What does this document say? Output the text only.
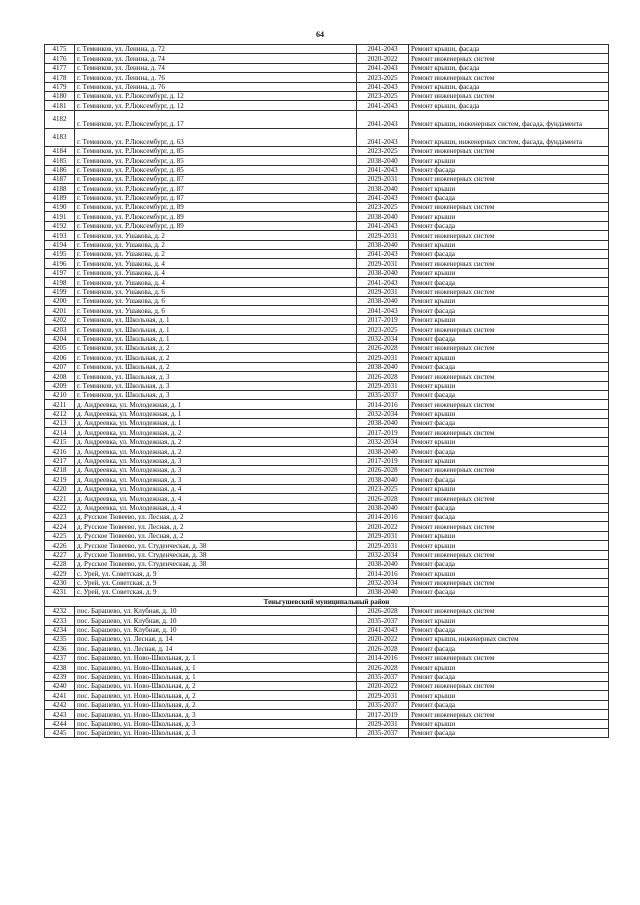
64
4175	г. Темников, ул. Ленина, д. 72	2041-2043	Ремонт крыши, фасада
4176	г. Темников, ул. Ленина, д. 74	2020-2022	Ремонт инженерных систем
4177	г. Темников, ул. Ленина, д. 74	2041-2043	Ремонт крыши, фасада
4178	г. Темников, ул. Ленина, д. 76	2023-2025	Ремонт инженерных систем
4179	г. Темников, ул. Ленина, д. 76	2041-2043	Ремонт крыши, фасада
4180	г. Темников, ул. Р.Люксембург, д. 12	2023-2025	Ремонт инженерных систем
4181	г. Темников, ул. Р.Люксембург, д. 12	2041-2043	Ремонт крыши, фасада
4182	г. Темников, ул. Р.Люксембург, д. 17	2041-2043	Ремонт крыши, инженерных систем, фасада, фундамента
4183	г. Темников, ул. Р.Люксембург, д. 63	2041-2043	Ремонт крыши, инженерных систем, фасада, фундамента
4184	г. Темников, ул. Р.Люксембург, д. 85	2023-2025	Ремонт инженерных систем
4185	г. Темников, ул. Р.Люксембург, д. 85	2038-2040	Ремонт крыши
4186	г. Темников, ул. Р.Люксембург, д. 85	2041-2043	Ремонт фасада
4187	г. Темников, ул. Р.Люксембург, д. 87	2029-2031	Ремонт инженерных систем
4188	г. Темников, ул. Р.Люксембург, д. 87	2038-2040	Ремонт крыши
4189	г. Темников, ул. Р.Люксембург, д. 87	2041-2043	Ремонт фасада
4190	г. Темников, ул. Р.Люксембург, д. 89	2023-2025	Ремонт инженерных систем
4191	г. Темников, ул. Р.Люксембург, д. 89	2038-2040	Ремонт крыши
4192	г. Темников, ул. Р.Люксембург, д. 89	2041-2043	Ремонт фасада
4193	г. Темников, ул. Ушакова, д. 2	2029-2031	Ремонт инженерных систем
4194	г. Темников, ул. Ушакова, д. 2	2038-2040	Ремонт крыши
4195	г. Темников, ул. Ушакова, д. 2	2041-2043	Ремонт фасада
4196	г. Темников, ул. Ушакова, д. 4	2029-2031	Ремонт инженерных систем
4197	г. Темников, ул. Ушакова, д. 4	2038-2040	Ремонт крыши
4198	г. Темников, ул. Ушакова, д. 4	2041-2043	Ремонт фасада
4199	г. Темников, ул. Ушакова, д. 6	2029-2031	Ремонт инженерных систем
4200	г. Темников, ул. Ушакова, д. 6	2038-2040	Ремонт крыши
4201	г. Темников, ул. Ушакова, д. 6	2041-2043	Ремонт фасада
4202	г. Темников, ул. Школьная, д. 1	2017-2019	Ремонт крыши
4203	г. Темников, ул. Школьная, д. 1	2023-2025	Ремонт инженерных систем
4204	г. Темников, ул. Школьная, д. 1	2032-2034	Ремонт фасада
4205	г. Темников, ул. Школьная, д. 2	2026-2028	Ремонт инженерных систем
4206	г. Темников, ул. Школьная, д. 2	2029-2031	Ремонт крыши
4207	г. Темников, ул. Школьная, д. 2	2038-2040	Ремонт фасада
4208	г. Темников, ул. Школьная, д. 3	2026-2028	Ремонт инженерных систем
4209	г. Темников, ул. Школьная, д. 3	2029-2031	Ремонт крыши
4210	г. Темников, ул. Школьная, д. 3	2035-2037	Ремонт фасада
4211	д. Андреевка, ул. Молодежная, д. 1	2014-2016	Ремонт инженерных систем
4212	д. Андреевка, ул. Молодежная, д. 1	2032-2034	Ремонт крыши
4213	д. Андреевка, ул. Молодежная, д. 1	2038-2040	Ремонт фасада
4214	д. Андреевка, ул. Молодежная, д. 2	2017-2019	Ремонт инженерных систем
4215	д. Андреевка, ул. Молодежная, д. 2	2032-2034	Ремонт крыши
4216	д. Андреевка, ул. Молодежная, д. 2	2038-2040	Ремонт фасада
4217	д. Андреевка, ул. Молодежная, д. 3	2017-2019	Ремонт крыши
4218	д. Андреевка, ул. Молодежная, д. 3	2026-2028	Ремонт инженерных систем
4219	д. Андреевка, ул. Молодежная, д. 3	2038-2040	Ремонт фасада
4220	д. Андреевка, ул. Молодежная, д. 4	2023-2025	Ремонт крыши
4221	д. Андреевка, ул. Молодежная, д. 4	2026-2028	Ремонт инженерных систем
4222	д. Андреевка, ул. Молодежная, д. 4	2038-2040	Ремонт фасада
4223	д. Русское Тювеево, ул. Лесная, д. 2	2014-2016	Ремонт фасада
4224	д. Русское Тювеево, ул. Лесная, д. 2	2020-2022	Ремонт инженерных систем
4225	д. Русское Тювеево, ул. Лесная, д. 2	2029-2031	Ремонт крыши
4226	д. Русское Тювеево, ул. Студенческая, д. 38	2029-2031	Ремонт крыши
4227	д. Русское Тювеево, ул. Студенческая, д. 38	2032-2034	Ремонт инженерных систем
4228	д. Русское Тювеево, ул. Студенческая, д. 38	2038-2040	Ремонт фасада
4229	с. Урей, ул. Советская, д. 9	2014-2016	Ремонт крыши
4230	с. Урей, ул. Советская, д. 9	2032-2034	Ремонт инженерных систем
4231	с. Урей, ул. Советская, д. 9	2038-2040	Ремонт фасада
Теньгушевский муниципальный район			
4232	пос. Барашево, ул. Клубная, д. 10	2026-2028	Ремонт инженерных систем
4233	пос. Барашево, ул. Клубная, д. 10	2035-2037	Ремонт крыши
4234	пос. Барашево, ул. Клубная, д. 10	2041-2043	Ремонт фасада
4235	пос. Барашево, ул. Лесная, д. 14	2020-2022	Ремонт крыши, инженерных систем
4236	пос. Барашево, ул. Лесная, д. 14	2026-2028	Ремонт фасада
4237	пос. Барашево, ул. Ново-Школьная, д. 1	2014-2016	Ремонт инженерных систем
4238	пос. Барашево, ул. Ново-Школьная, д. 1	2026-2028	Ремонт крыши
4239	пос. Барашево, ул. Ново-Школьная, д. 1	2035-2037	Ремонт фасада
4240	пос. Барашево, ул. Ново-Школьная, д. 2	2020-2022	Ремонт инженерных систем
4241	пос. Барашево, ул. Ново-Школьная, д. 2	2029-2031	Ремонт крыши
4242	пос. Барашево, ул. Ново-Школьная, д. 2	2035-2037	Ремонт фасада
4243	пос. Барашево, ул. Ново-Школьная, д. 3	2017-2019	Ремонт инженерных систем
4244	пос. Барашево, ул. Ново-Школьная, д. 3	2029-2031	Ремонт крыши
4245	пос. Барашево, ул. Ново-Школьная, д. 3	2035-2037	Ремонт фасада
